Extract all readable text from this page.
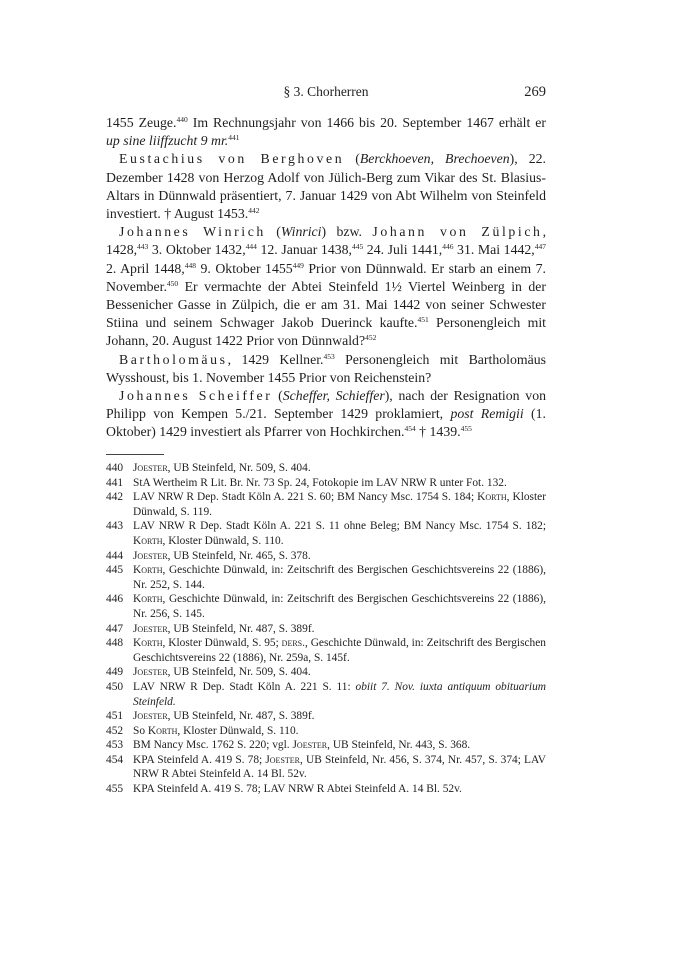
§ 3. Chorherren	269

1455 Zeuge.$^{440}$ Im Rechnungsjahr von 1466 bis 20. September 1467 erhält er up sine liiffzucht 9 mr.$^{441}$

Eustachius von Berghoven (Berckhoeven, Brechoeven), 22. Dezember 1428 von Herzog Adolf von Jülich-Berg zum Vikar des St. Blasius-Altars in Dünnwald präsentiert, 7. Januar 1429 von Abt Wilhelm von Steinfeld investiert. † August 1453.$^{442}$

Johannes Winrich (Winrici) bzw. Johann von Zülpich, 1428,$^{443}$ 3. Oktober 1432,$^{444}$ 12. Januar 1438,$^{445}$ 24. Juli 1441,$^{446}$ 31. Mai 1442,$^{447}$ 2. April 1448,$^{448}$ 9. Oktober 1455$^{449}$ Prior von Dünnwald. Er starb an einem 7. November.$^{450}$ Er vermachte der Abtei Steinfeld 1½ Viertel Weinberg in der Bessenicher Gasse in Zülpich, die er am 31. Mai 1442 von seiner Schwester Stiina und seinem Schwager Jakob Duerinck kaufte.$^{451}$ Personengleich mit Johann, 20. August 1422 Prior von Dünnwald?$^{452}$

Bartholomäus, 1429 Kellner.$^{453}$ Personengleich mit Bartholomäus Wysshoust, bis 1. November 1455 Prior von Reichenstein?

Johannes Scheiffer (Scheffer, Schieffer), nach der Resignation von Philipp von Kempen 5./21. September 1429 proklamiert, post Remigii (1. Oktober) 1429 investiert als Pfarrer von Hochkirchen.$^{454}$ † 1439.$^{455}$

440 Joester, UB Steinfeld, Nr. 509, S. 404.
441 StA Wertheim R Lit. Br. Nr. 73 Sp. 24, Fotokopie im LAV NRW R unter Fot. 132.
442 LAV NRW R Dep. Stadt Köln A. 221 S. 60; BM Nancy Msc. 1754 S. 184; Korth, Kloster Dünwald, S. 119.
443 LAV NRW R Dep. Stadt Köln A. 221 S. 11 ohne Beleg; BM Nancy Msc. 1754 S. 182; Korth, Kloster Dünwald, S. 110.
444 Joester, UB Steinfeld, Nr. 465, S. 378.
445 Korth, Geschichte Dünwald, in: Zeitschrift des Bergischen Geschichtsvereins 22 (1886), Nr. 252, S. 144.
446 Korth, Geschichte Dünwald, in: Zeitschrift des Bergischen Geschichtsvereins 22 (1886), Nr. 256, S. 145.
447 Joester, UB Steinfeld, Nr. 487, S. 389f.
448 Korth, Kloster Dünwald, S. 95; ders., Geschichte Dünwald, in: Zeitschrift des Bergischen Geschichtsvereins 22 (1886), Nr. 259a, S. 145f.
449 Joester, UB Steinfeld, Nr. 509, S. 404.
450 LAV NRW R Dep. Stadt Köln A. 221 S. 11: obiit 7. Nov. iuxta antiquum obituarium Steinfeld.
451 Joester, UB Steinfeld, Nr. 487, S. 389f.
452 So Korth, Kloster Dünwald, S. 110.
453 BM Nancy Msc. 1762 S. 220; vgl. Joester, UB Steinfeld, Nr. 443, S. 368.
454 KPA Steinfeld A. 419 S. 78; Joester, UB Steinfeld, Nr. 456, S. 374, Nr. 457, S. 374; LAV NRW R Abtei Steinfeld A. 14 Bl. 52v.
455 KPA Steinfeld A. 419 S. 78; LAV NRW R Abtei Steinfeld A. 14 Bl. 52v.
